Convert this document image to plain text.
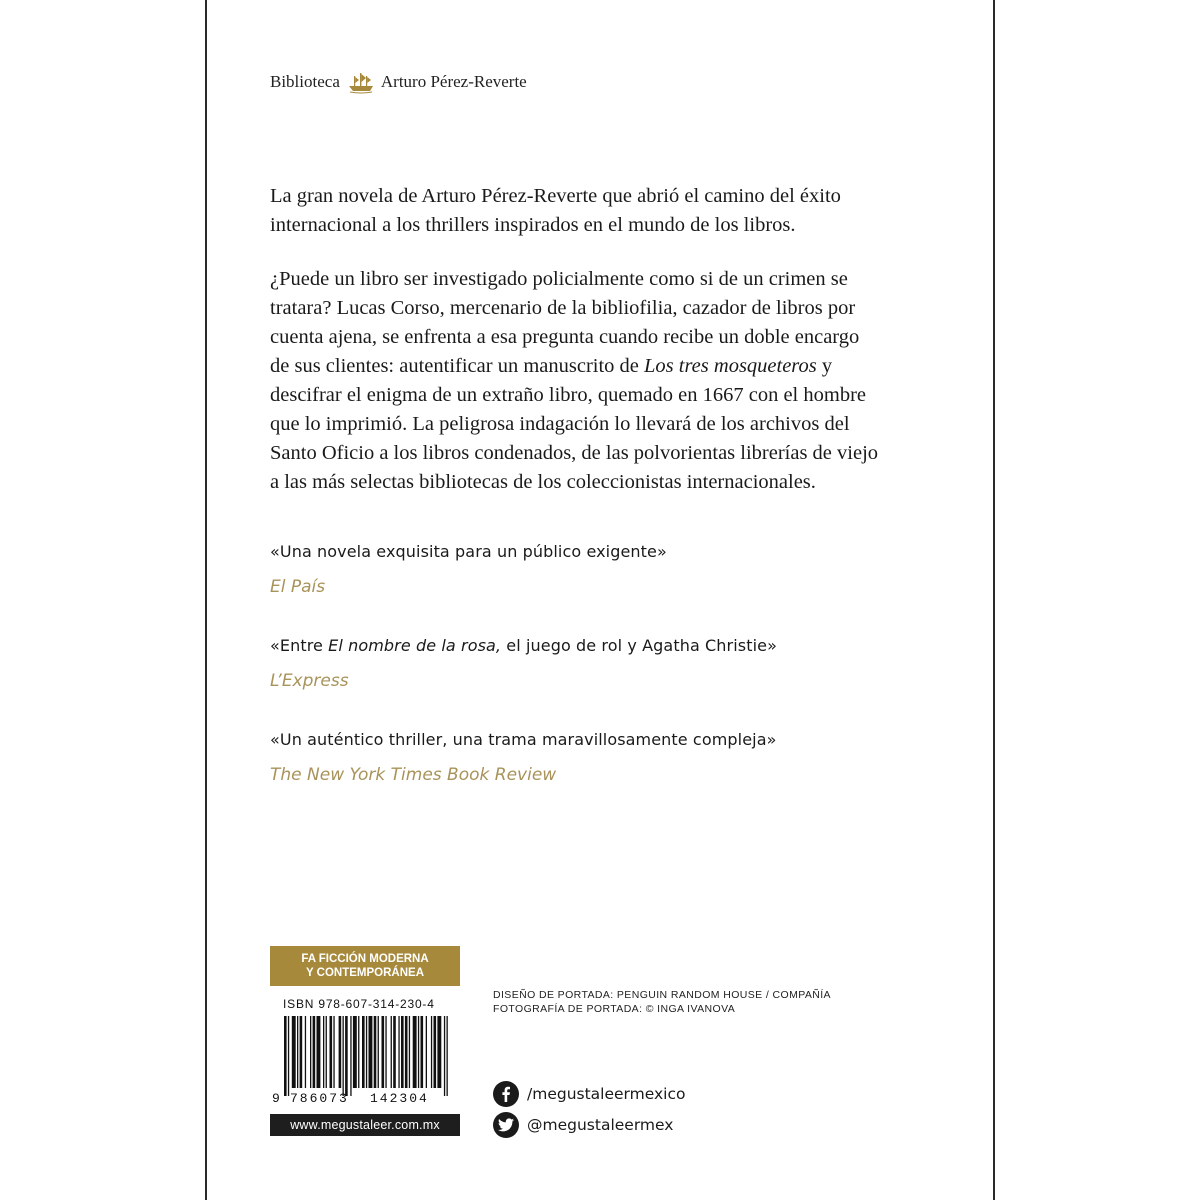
Biblioteca Arturo Pérez-Reverte

La gran novela de Arturo Pérez-Reverte que abrió el camino del éxito internacional a los thrillers inspirados en el mundo de los libros.

¿Puede un libro ser investigado policialmente como si de un crimen se tratara? Lucas Corso, mercenario de la bibliofilia, cazador de libros por cuenta ajena, se enfrenta a esa pregunta cuando recibe un doble encargo de sus clientes: autentificar un manuscrito de Los tres mosqueteros y descifrar el enigma de un extraño libro, quemado en 1667 con el hombre que lo imprimió. La peligrosa indagación lo llevará de los archivos del Santo Oficio a los libros condenados, de las polvorientas librerías de viejo a las más selectas bibliotecas de los coleccionistas internacionales.

«Una novela exquisita para un público exigente»
El País
«Entre El nombre de la rosa, el juego de rol y Agatha Christie»
L’Express
«Un auténtico thriller, una trama maravillosamente compleja»
The New York Times Book Review
FA FICCIÓN MODERNA
Y CONTEMPORÁNEA
ISBN 978-607-314-230-4
9 786073 142304
www.megustaleer.com.mx
DISEÑO DE PORTADA: PENGUIN RANDOM HOUSE / COMPAÑÍA
FOTOGRAFÍA DE PORTADA: © INGA IVANOVA
/megustaleermexico
@megustaleermex
